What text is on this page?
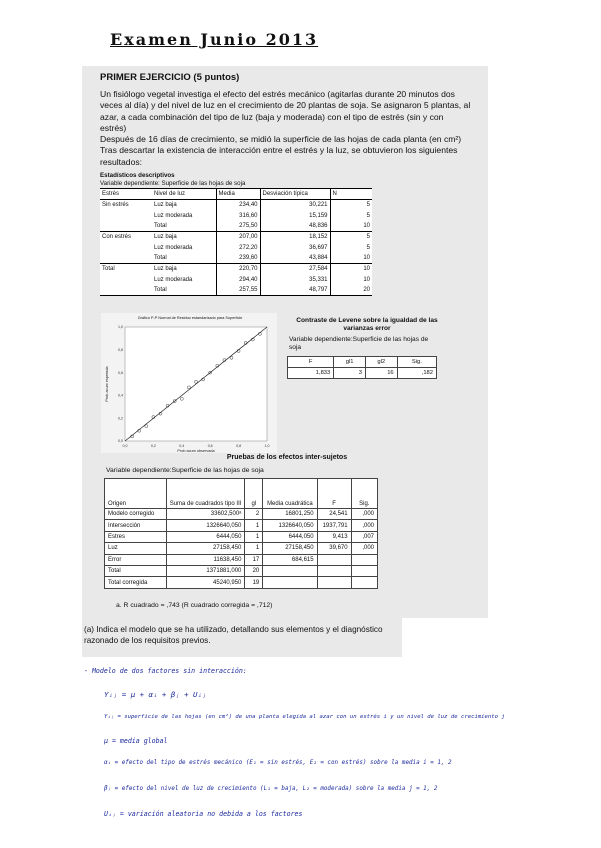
Examen Junio 2013
PRIMER EJERCICIO (5 puntos)

Un fisiólogo vegetal investiga el efecto del estrés mecánico (agitarlas durante 20 minutos dos veces al día) y del nivel de luz en el crecimiento de 20 plantas de soja. Se asignaron 5 plantas, al azar, a cada combinación del tipo de luz (baja y moderada) con el tipo de estrés (sin y con estrés)

Después de 16 días de crecimiento, se midió la superficie de las hojas de cada planta (en cm²) Tras descartar la existencia de interacción entre el estrés y la luz, se obtuvieron los siguientes resultados:

Estadísticos descriptivos
Variable dependiente: Superficie de las hojas de soja
Estrés	Nivel de luz	Media	Desviación típica	N
Sin estrés	Luz baja	234,40	30,221	5
	Luz moderada	316,60	15,159	5
	Total	275,50	48,836	10
Con estrés	Luz baja	207,00	18,152	5
	Luz moderada	272,20	36,697	5
	Total	239,60	43,884	10
Total	Luz baja	220,70	27,584	10
	Luz moderada	294,40	35,331	10
	Total	257,55	48,797	20
Gráfico P-P Normal de Residuo estandarizado para Superficie
0,0
0,0
0,2
0,2
0,4
0,4
0,6
0,6
0,8
0,8
1,0
1,0
Prob acum observada
Prob acum esperada
Contraste de Levene sobre la igualdad de las varianzas error
Variable dependiente:Superficie de las hojas de soja
F	gl1	gl2	Sig.
1,833	3	16	,182
Pruebas de los efectos inter-sujetos
Variable dependiente:Superficie de las hojas de soja
Origen	Suma de cuadrados tipo III	gl	Media cuadrática	F	Sig.
Modelo corregido	33602,500ᵃ	2	16801,250	24,541	,000
Intersección	1326640,050	1	1326640,050	1937,791	,000
Estres	6444,050	1	6444,050	9,413	,007
Luz	27158,450	1	27158,450	39,670	,000
Error	11638,450	17	684,615		
Total	1371881,000	20			
Total corregida	45240,950	19			
a. R cuadrado = ,743 (R cuadrado corregida = ,712)
(a) Indica el modelo que se ha utilizado, detallando sus elementos y el diagnóstico razonado de los requisitos previos.
- Modelo de dos factores sin interacción:
Yᵢⱼ = μ + αᵢ + βⱼ + Uᵢⱼ
Yᵢⱼ = superficie de las hojas (en cm²) de una planta elegida al azar con un estrés i y un nivel de luz de crecimiento j
μ = media global
αᵢ = efecto del tipo de estrés mecánico (E₁ = sin estrés, E₂ = con estrés) sobre la media i = 1, 2
βⱼ = efecto del nivel de luz de crecimiento (L₁ = baja, L₂ = moderada) sobre la media j = 1, 2
Uᵢⱼ = variación aleatoria no debida a los factores
